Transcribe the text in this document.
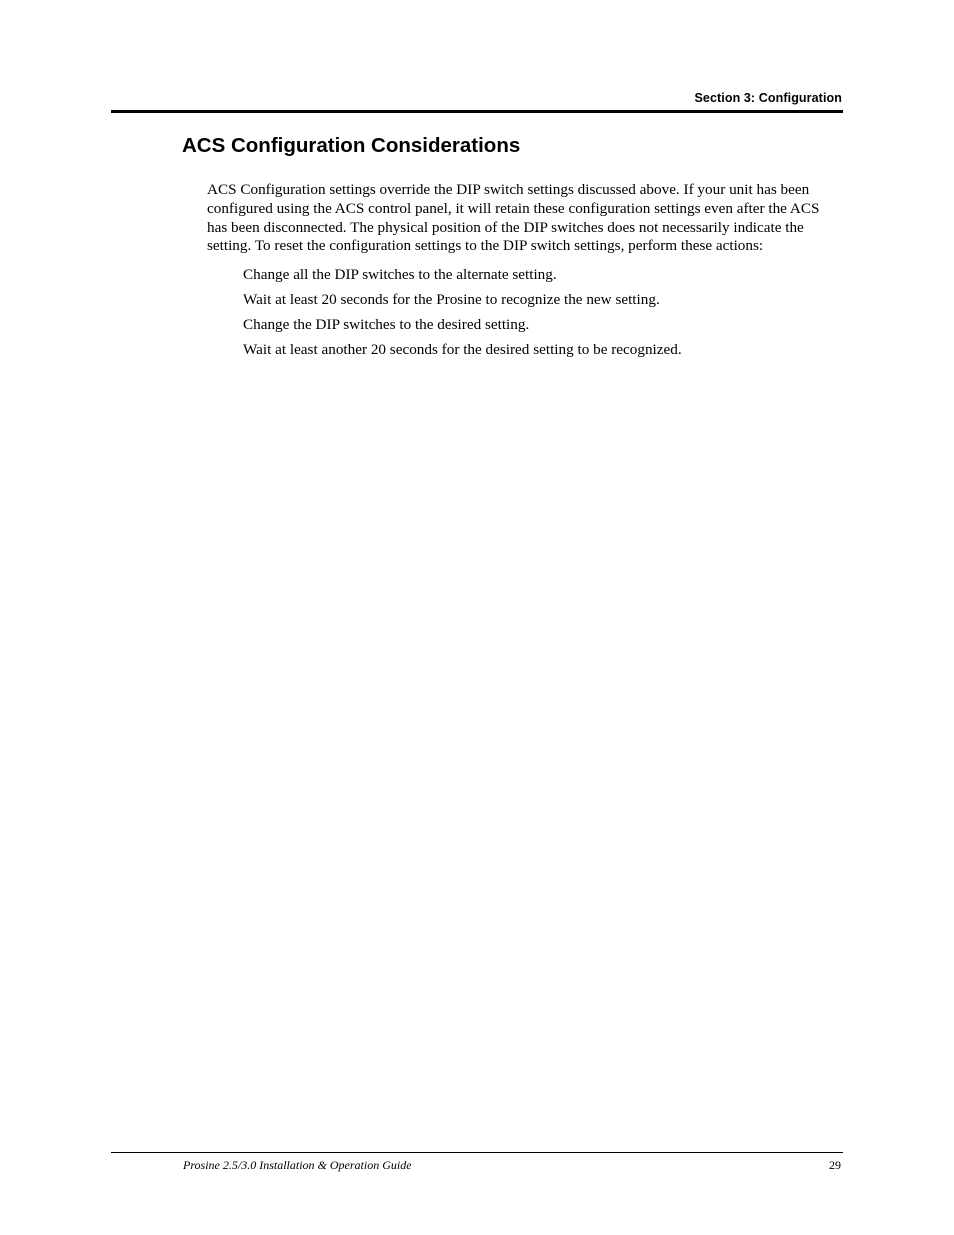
Section 3: Configuration
ACS Configuration Considerations

ACS Configuration settings override the DIP switch settings discussed above. If your unit has been configured using the ACS control panel, it will retain these configuration settings even after the ACS has been disconnected. The physical position of the DIP switches does not necessarily indicate the setting. To reset the configuration settings to the DIP switch settings, perform these actions:

Change all the DIP switches to the alternate setting.
Wait at least 20 seconds for the Prosine to recognize the new setting.
Change the DIP switches to the desired setting.
Wait at least another 20 seconds for the desired setting to be recognized.
Prosine 2.5/3.0 Installation & Operation Guide	29
